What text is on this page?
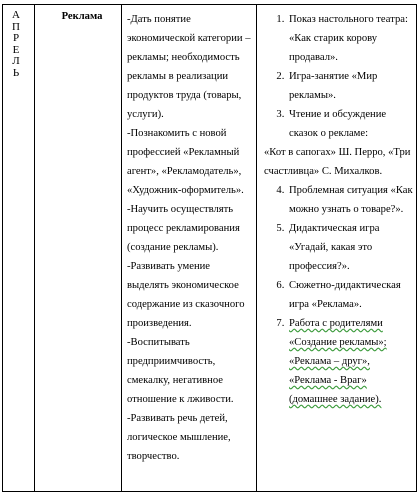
А
П
Р
Е
Л
Ь
Реклама	-Дать понятие экономической категории – рекламы; необходимость рекламы в реализации продуктов труда (товары, услуги).

-Познакомить с новой профессией «Рекламный агент», «Рекламодатель», «Художник-оформитель».

-Научить осуществлять процесс рекламирования (создание рекламы).

-Развивать умение выделять экономическое содержание из сказочного произведения.

-Воспитывать предприимчивость, смекалку, негативное отношение к лживости.

-Развивать речь детей, логическое мышление, творчество.

1. Показ настольного театра: «Как старик корову продавал».
2. Игра-занятие «Мир рекламы».
3. Чтение и обсуждение сказок о рекламе:

«Кот в сапогах» Ш. Перро, «Три счастливца» С. Михалков.

4. Проблемная ситуация «Как можно узнать о товаре?».
5. Дидактическая игра «Угадай, какая это профессия?».
6. Сюжетно-дидактическая игра «Реклама».
7. Работа с родителями «Создание рекламы»; «Реклама – друг», «Реклама - Враг» (домашнее задание).
